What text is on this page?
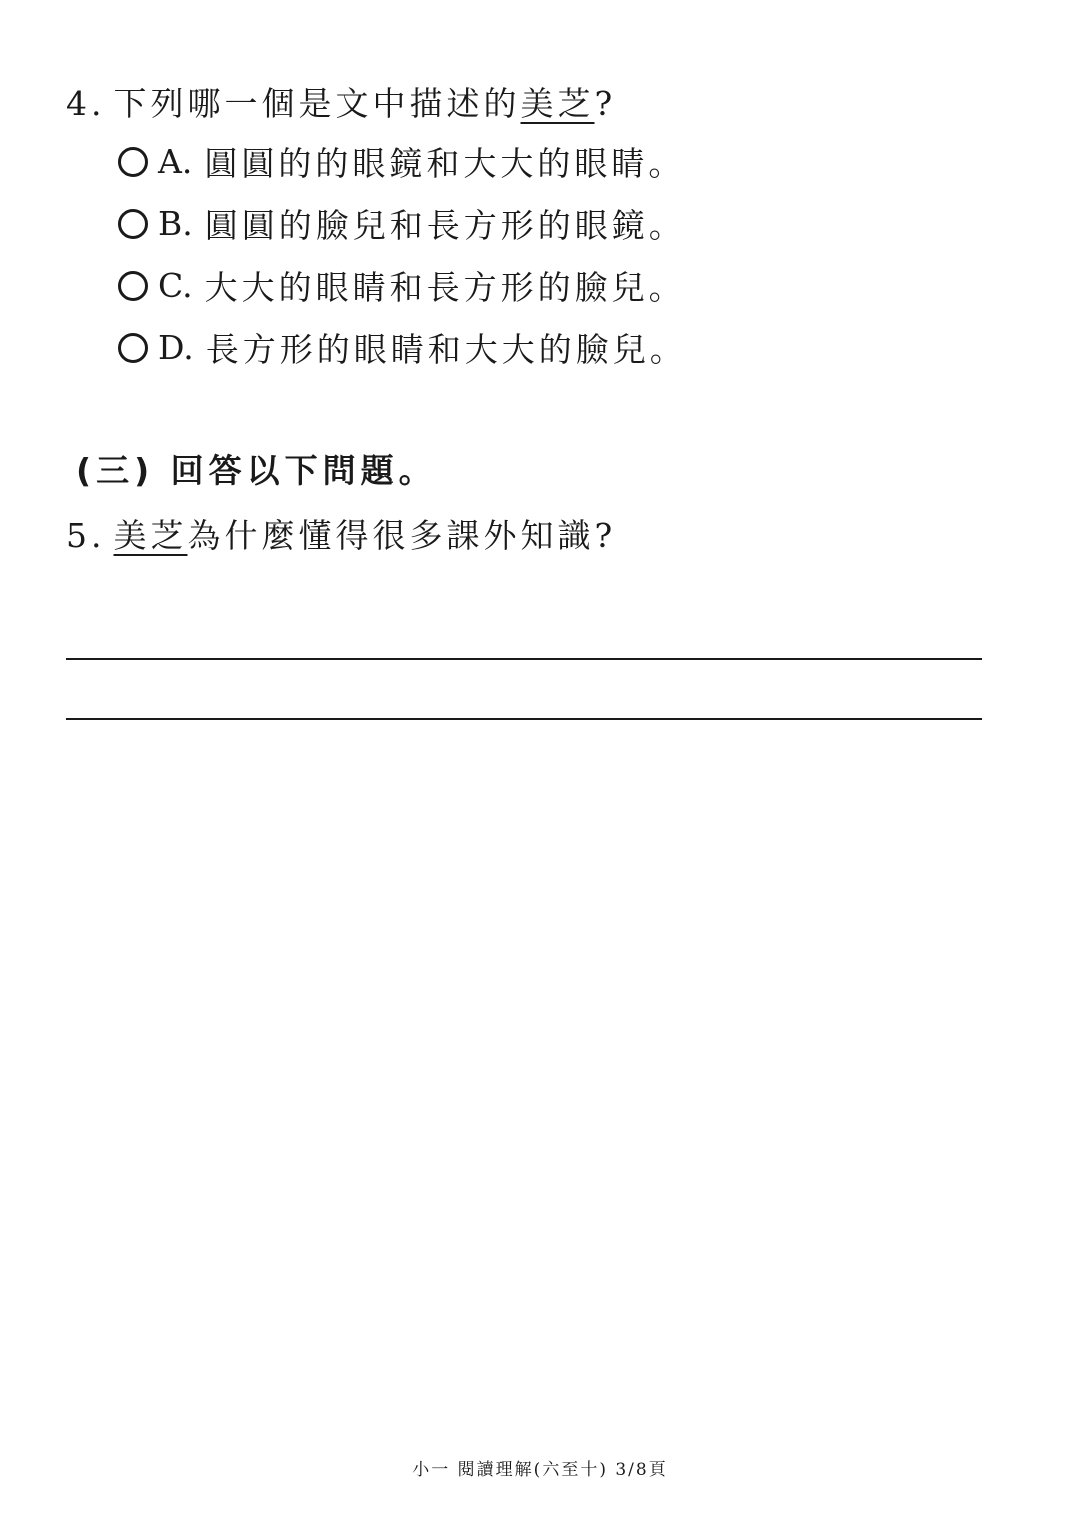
4. 下列哪一個是文中描述的美芝?
A. 圓圓的的眼鏡和大大的眼睛。
B. 圓圓的臉兒和長方形的眼鏡。
C. 大大的眼睛和長方形的臉兒。
D. 長方形的眼睛和大大的臉兒。
(三) 回答以下問題。
5. 美芝為什麼懂得很多課外知識?
小一 閱讀理解(六至十) 3/8頁
